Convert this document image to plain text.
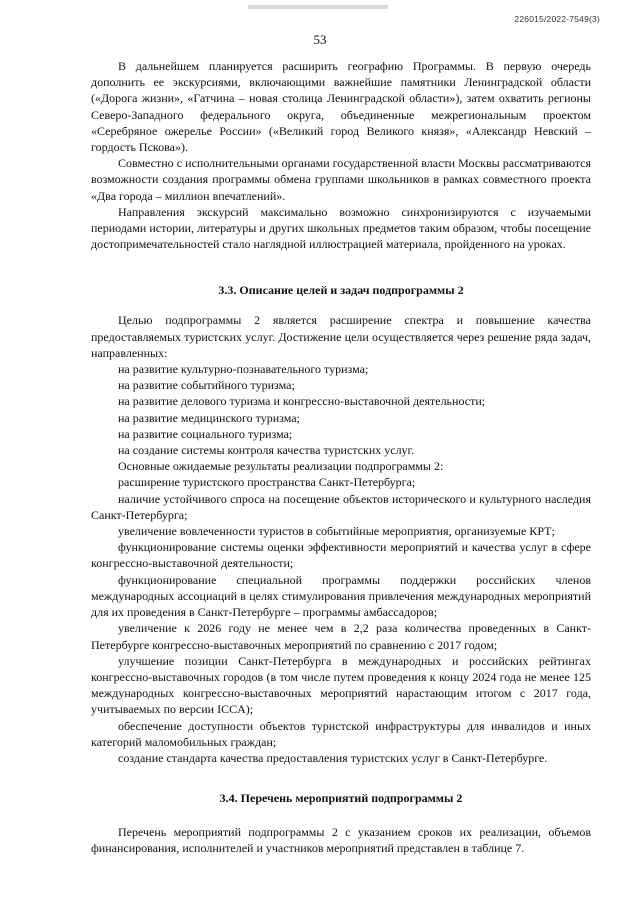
226015/2022-7549(3)
53

В дальнейшем планируется расширить географию Программы. В первую очередь дополнить ее экскурсиями, включающими важнейшие памятники Ленинградской области («Дорога жизни», «Гатчина – новая столица Ленинградской области»), затем охватить регионы Северо-Западного федерального округа, объединенные межрегиональным проектом «Серебряное ожерелье России» («Великий город Великого князя», «Александр Невский – гордость Пскова»).

Совместно с исполнительными органами государственной власти Москвы рассматриваются возможности создания программы обмена группами школьников в рамках совместного проекта «Два города – миллион впечатлений».

Направления экскурсий максимально возможно синхронизируются с изучаемыми периодами истории, литературы и других школьных предметов таким образом, чтобы посещение достопримечательностей стало наглядной иллюстрацией материала, пройденного на уроках.

3.3. Описание целей и задач подпрограммы 2

Целью подпрограммы 2 является расширение спектра и повышение качества предоставляемых туристских услуг. Достижение цели осуществляется через решение ряда задач, направленных:

на развитие культурно-познавательного туризма;

на развитие событийного туризма;

на развитие делового туризма и конгрессно-выставочной деятельности;

на развитие медицинского туризма;

на развитие социального туризма;

на создание системы контроля качества туристских услуг.

Основные ожидаемые результаты реализации подпрограммы 2:

расширение туристского пространства Санкт-Петербурга;

наличие устойчивого спроса на посещение объектов исторического и культурного наследия Санкт-Петербурга;

увеличение вовлеченности туристов в событийные мероприятия, организуемые КРТ;

функционирование системы оценки эффективности мероприятий и качества услуг в сфере конгрессно-выставочной деятельности;

функционирование специальной программы поддержки российских членов международных ассоциаций в целях стимулирования привлечения международных мероприятий для их проведения в Санкт-Петербурге – программы амбассадоров;

увеличение к 2026 году не менее чем в 2,2 раза количества проведенных в Санкт-Петербурге конгрессно-выставочных мероприятий по сравнению с 2017 годом;

улучшение позиции Санкт-Петербурга в международных и российских рейтингах конгрессно-выставочных городов (в том числе путем проведения к концу 2024 года не менее 125 международных конгрессно-выставочных мероприятий нарастающим итогом с 2017 года, учитываемых по версии ICCA);

обеспечение доступности объектов туристской инфраструктуры для инвалидов и иных категорий маломобильных граждан;

создание стандарта качества предоставления туристских услуг в Санкт-Петербурге.

3.4. Перечень мероприятий подпрограммы 2

Перечень мероприятий подпрограммы 2 с указанием сроков их реализации, объемов финансирования, исполнителей и участников мероприятий представлен в таблице 7.
